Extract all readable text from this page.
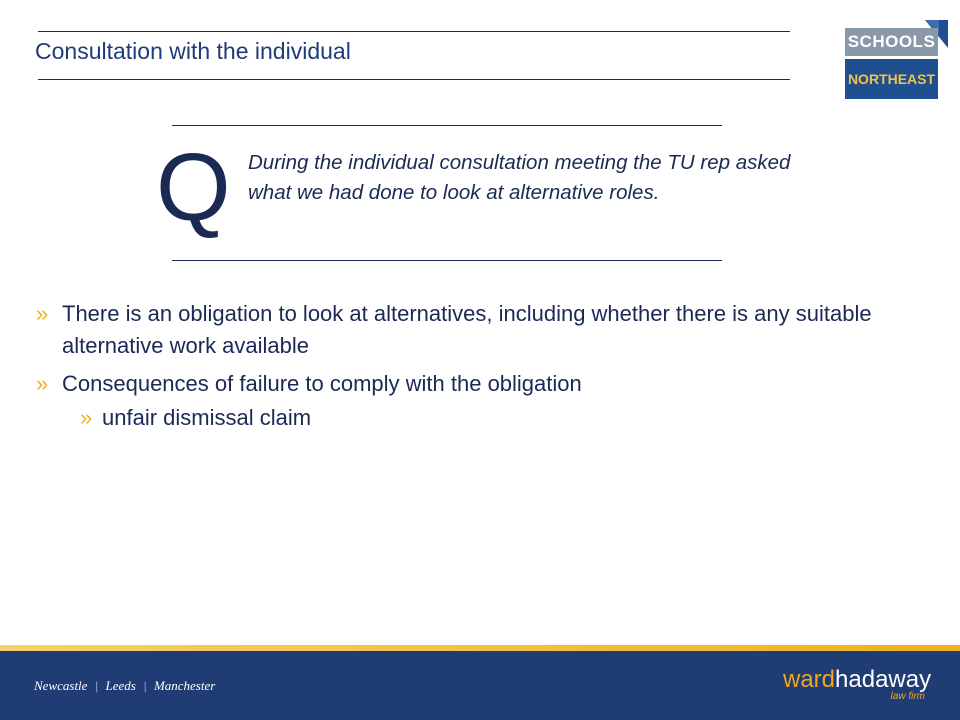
Consultation with the individual	SCHOOLS
NORTHEAST
Q During the individual consultation meeting the TU rep asked what we had done to look at alternative roles.
» There is an obligation to look at alternatives, including whether there is any suitable alternative work available
» Consequences of failure to comply with the obligation
» unfair dismissal claim
Newcastle | Leeds | Manchester	wardhadaway
law firm
